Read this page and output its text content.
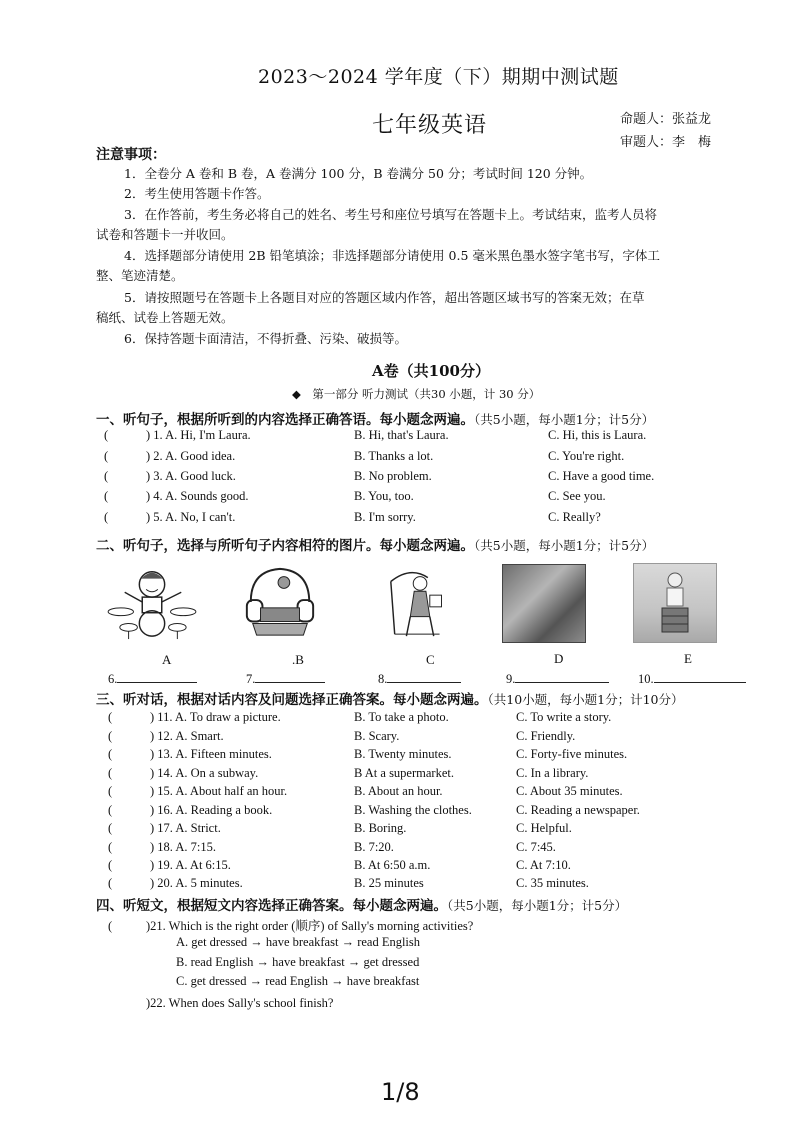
2023～2024 学年度（下）期期中测试题
七年级英语	命题人：张益龙
审题人：李　梅
注意事项：
1．全卷分 A 卷和 B 卷，A 卷满分 100 分，B 卷满分 50 分；考试时间 120 分钟。
2．考生使用答题卡作答。
3．在作答前，考生务必将自己的姓名、考生号和座位号填写在答题卡上。考试结束，监考人员将
试卷和答题卡一并收回。
4．选择题部分请使用 2B 铅笔填涂；非选择题部分请使用 0.5 毫米黑色墨水签字笔书写，字体工
整、笔迹清楚。
5．请按照题号在答题卡上各题目对应的答题区域内作答，超出答题区域书写的答案无效；在草
稿纸、试卷上答题无效。
6．保持答题卡面清洁，不得折叠、污染、破损等。
A卷（共100分）
◆　第一部分 听力测试（共30 小题，计 30 分）
一、听句子，根据所听到的内容选择正确答语。每小题念两遍。（共5小题，每小题1分；计5分）
(	) 1. A. Hi, I'm Laura.	B. Hi, that's Laura.	C. Hi, this is Laura.
(	) 2. A. Good idea.	B. Thanks a lot.	C. You're right.
(	) 3. A. Good luck.	B. No problem.	C. Have a good time.
(	) 4. A. Sounds good.	B. You, too.	C. See you.
(	) 5. A. No, I can't.	B. I'm sorry.	C. Really?
二、听句子，选择与所听句子内容相符的图片。每小题念两遍。（共5小题，每小题1分；计5分）
A	.B	C	D	E
6.	7.	8.	9.	10.
三、听对话，根据对话内容及问题选择正确答案。每小题念两遍。（共10小题，每小题1分；计10分）
(	) 11. A. To draw a picture.	B. To take a photo.	C. To write a story.
(	) 12. A. Smart.	B. Scary.	C. Friendly.
(	) 13. A. Fifteen minutes.	B. Twenty minutes.	C. Forty-five minutes.
(	) 14. A. On a subway.	B At a supermarket.	C. In a library.
(	) 15. A. About half an hour.	B. About an hour.	C. About 35 minutes.
(	) 16. A. Reading a book.	B. Washing the clothes.	C. Reading a newspaper.
(	) 17. A. Strict.	B. Boring.	C. Helpful.
(	) 18. A. 7:15.	B. 7:20.	C. 7:45.
(	) 19. A. At 6:15.	B. At 6:50 a.m.	C. At 7:10.
(	) 20. A. 5 minutes.	B. 25 minutes	C. 35 minutes.
四、听短文，根据短文内容选择正确答案。每小题念两遍。（共5小题，每小题1分；计5分）
(	)21. Which is the right order (顺序) of Sally's morning activities?
A. get dressed → have breakfast → read English
B. read English → have breakfast → get dressed
C. get dressed → read English → have breakfast
)22. When does Sally's school finish?
1/8
